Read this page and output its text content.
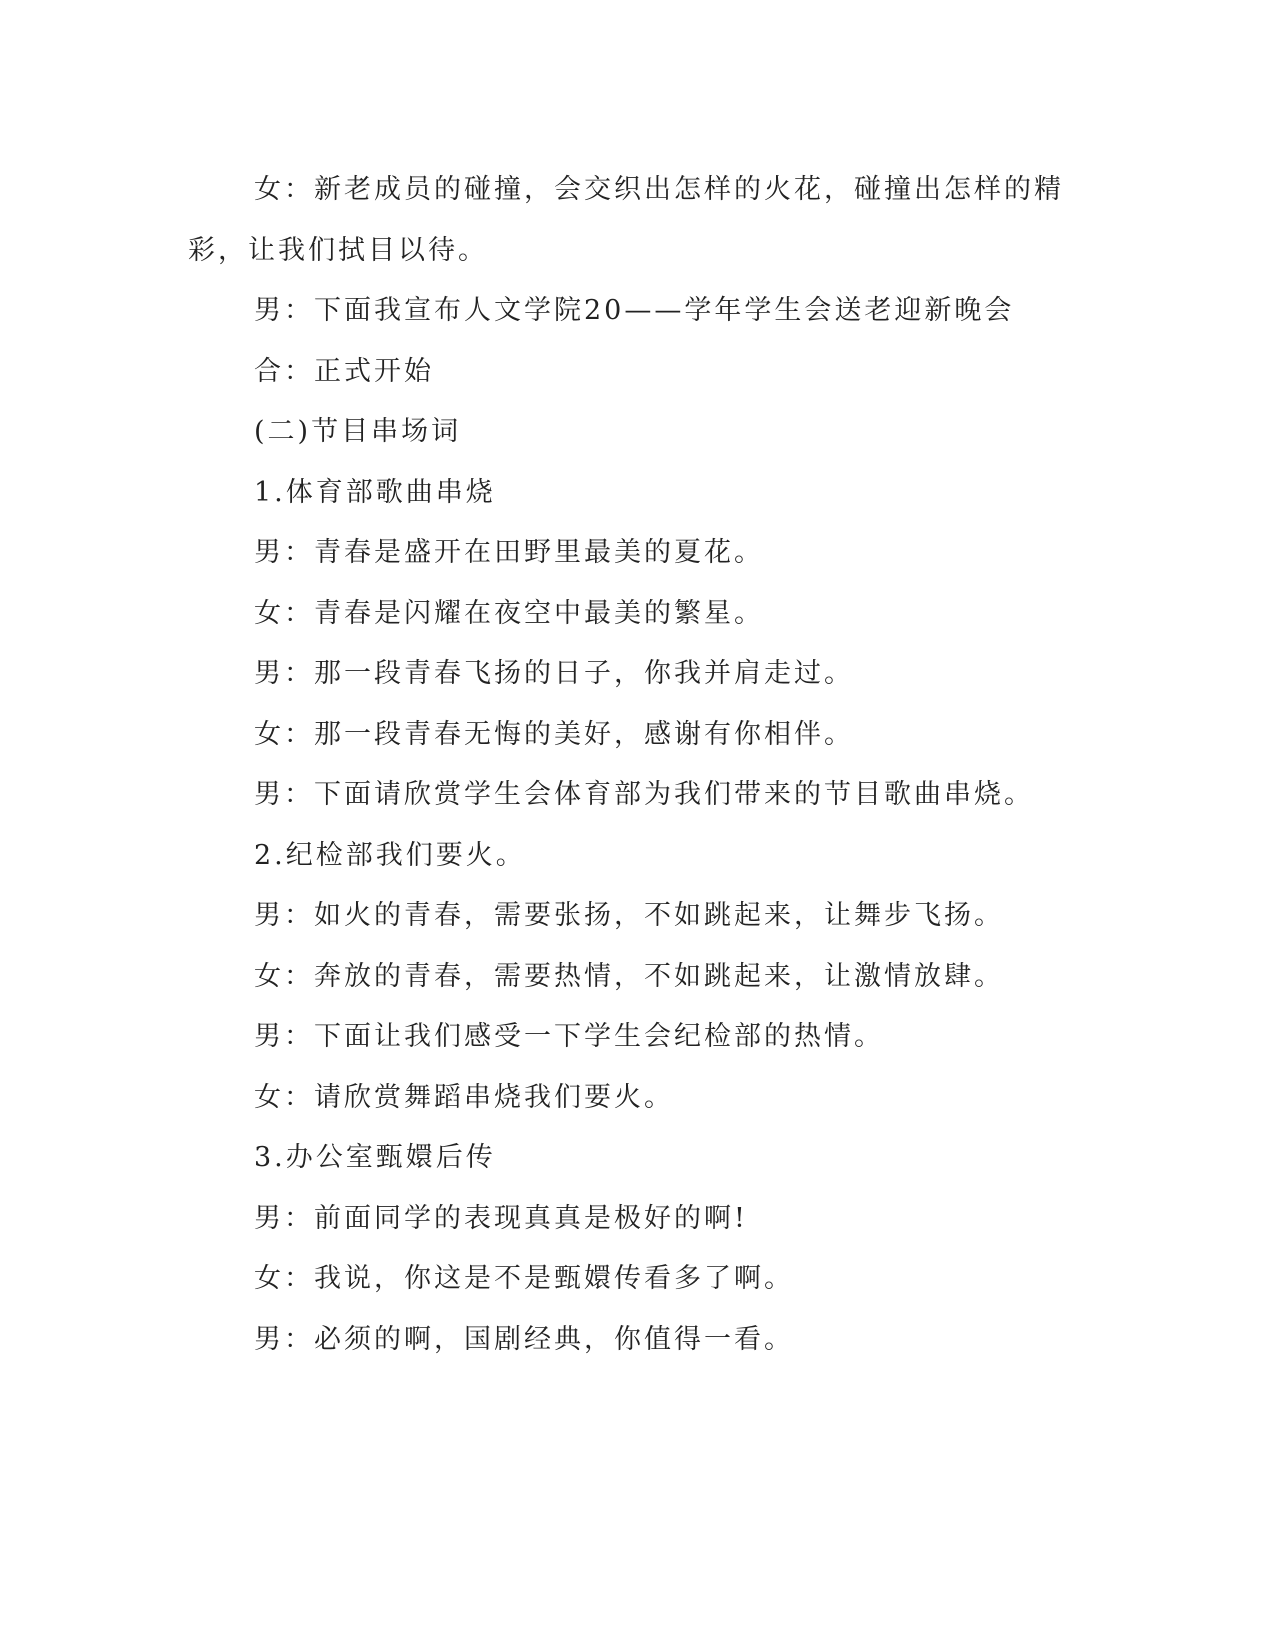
女：新老成员的碰撞，会交织出怎样的火花，碰撞出怎样的精彩，让我们拭目以待。

男：下面我宣布人文学院20——学年学生会送老迎新晚会

合：正式开始

(二)节目串场词

1.体育部歌曲串烧

男：青春是盛开在田野里最美的夏花。

女：青春是闪耀在夜空中最美的繁星。

男：那一段青春飞扬的日子，你我并肩走过。

女：那一段青春无悔的美好，感谢有你相伴。

男：下面请欣赏学生会体育部为我们带来的节目歌曲串烧。

2.纪检部我们要火。

男：如火的青春，需要张扬，不如跳起来，让舞步飞扬。

女：奔放的青春，需要热情，不如跳起来，让激情放肆。

男：下面让我们感受一下学生会纪检部的热情。

女：请欣赏舞蹈串烧我们要火。

3.办公室甄嬛后传

男：前面同学的表现真真是极好的啊!

女：我说，你这是不是甄嬛传看多了啊。

男：必须的啊，国剧经典，你值得一看。
